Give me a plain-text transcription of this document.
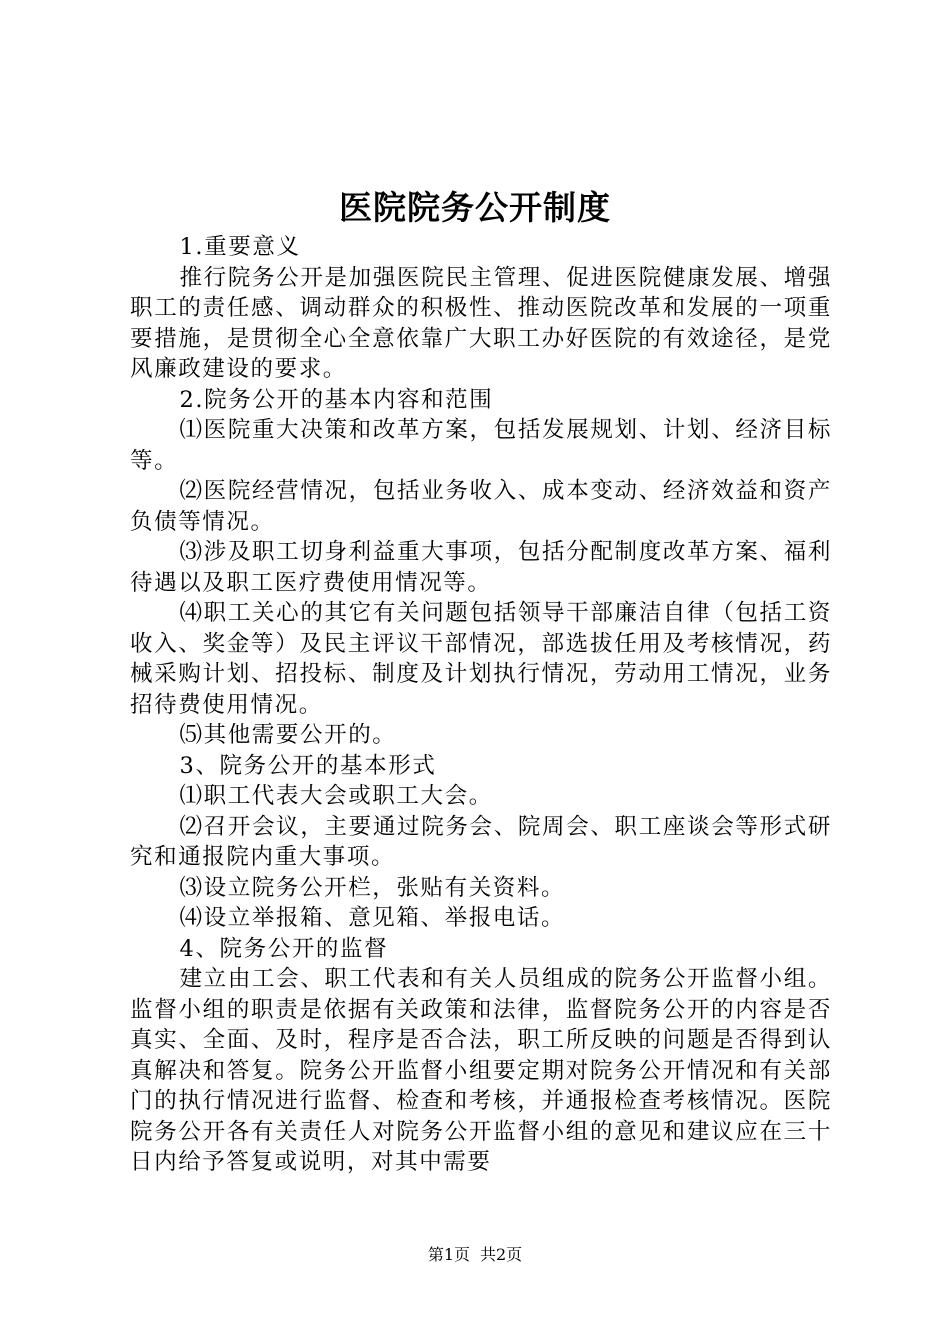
医院院务公开制度

1.重要意义

推行院务公开是加强医院民主管理、促进医院健康发展、增强职工的责任感、调动群众的积极性、推动医院改革和发展的一项重要措施，是贯彻全心全意依靠广大职工办好医院的有效途径，是党风廉政建设的要求。

2.院务公开的基本内容和范围

⑴医院重大决策和改革方案，包括发展规划、计划、经济目标等。

⑵医院经营情况，包括业务收入、成本变动、经济效益和资产负债等情况。

⑶涉及职工切身利益重大事项，包括分配制度改革方案、福利待遇以及职工医疗费使用情况等。

⑷职工关心的其它有关问题包括领导干部廉洁自律（包括工资收入、奖金等）及民主评议干部情况，部选拔任用及考核情况，药械采购计划、招投标、制度及计划执行情况，劳动用工情况，业务招待费使用情况。

⑸其他需要公开的。

3、院务公开的基本形式

⑴职工代表大会或职工大会。

⑵召开会议，主要通过院务会、院周会、职工座谈会等形式研究和通报院内重大事项。

⑶设立院务公开栏，张贴有关资料。

⑷设立举报箱、意见箱、举报电话。

4、院务公开的监督

建立由工会、职工代表和有关人员组成的院务公开监督小组。监督小组的职责是依据有关政策和法律，监督院务公开的内容是否真实、全面、及时，程序是否合法，职工所反映的问题是否得到认真解决和答复。院务公开监督小组要定期对院务公开情况和有关部门的执行情况进行监督、检查和考核，并通报检查考核情况。医院院务公开各有关责任人对院务公开监督小组的意见和建议应在三十日内给予答复或说明，对其中需要

第1页 共2页
